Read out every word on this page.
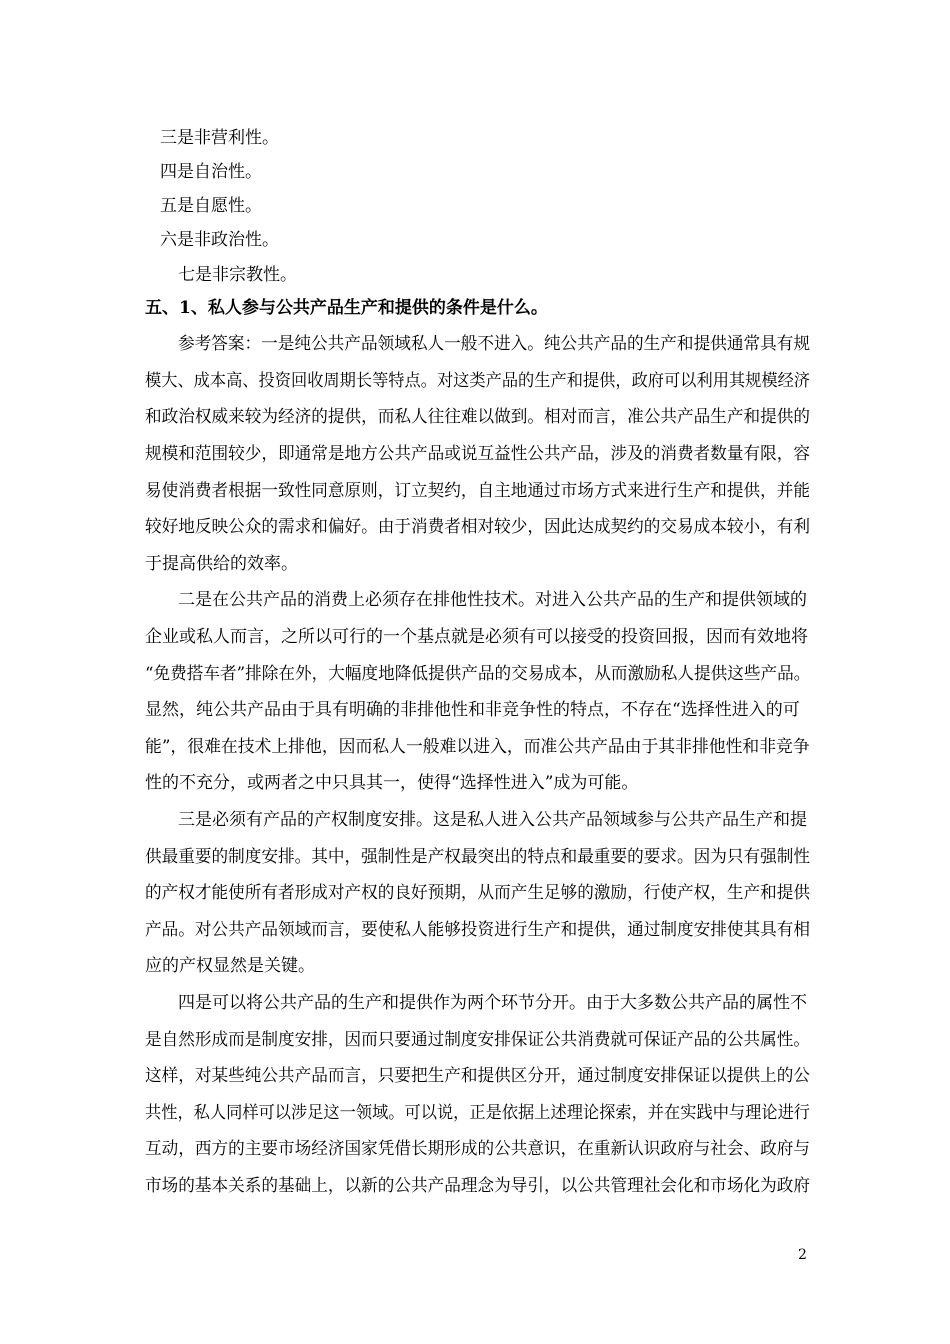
三是非营利性。
四是自治性。
五是自愿性。
六是非政治性。
七是非宗教性。
五、1、私人参与公共产品生产和提供的条件是什么。
参考答案：一是纯公共产品领域私人一般不进入。纯公共产品的生产和提供通常具有规
模大、成本高、投资回收周期长等特点。对这类产品的生产和提供，政府可以利用其规模经济
和政治权威来较为经济的提供，而私人往往难以做到。相对而言，准公共产品生产和提供的
规模和范围较少，即通常是地方公共产品或说互益性公共产品，涉及的消费者数量有限，容
易使消费者根据一致性同意原则，订立契约，自主地通过市场方式来进行生产和提供，并能
较好地反映公众的需求和偏好。由于消费者相对较少，因此达成契约的交易成本较小，有利
于提高供给的效率。
二是在公共产品的消费上必须存在排他性技术。对进入公共产品的生产和提供领域的
企业或私人而言，之所以可行的一个基点就是必须有可以接受的投资回报，因而有效地将
“免费搭车者”排除在外，大幅度地降低提供产品的交易成本，从而激励私人提供这些产品。
显然，纯公共产品由于具有明确的非排他性和非竞争性的特点，不存在“选择性进入的可
能”，很难在技术上排他，因而私人一般难以进入，而准公共产品由于其非排他性和非竞争
性的不充分，或两者之中只具其一，使得“选择性进入”成为可能。
三是必须有产品的产权制度安排。这是私人进入公共产品领域参与公共产品生产和提
供最重要的制度安排。其中，强制性是产权最突出的特点和最重要的要求。因为只有强制性
的产权才能使所有者形成对产权的良好预期，从而产生足够的激励，行使产权，生产和提供
产品。对公共产品领域而言，要使私人能够投资进行生产和提供，通过制度安排使其具有相
应的产权显然是关键。
四是可以将公共产品的生产和提供作为两个环节分开。由于大多数公共产品的属性不
是自然形成而是制度安排，因而只要通过制度安排保证公共消费就可保证产品的公共属性。
这样，对某些纯公共产品而言，只要把生产和提供区分开，通过制度安排保证以提供上的公
共性，私人同样可以涉足这一领域。可以说，正是依据上述理论探索，并在实践中与理论进行
互动，西方的主要市场经济国家凭借长期形成的公共意识，在重新认识政府与社会、政府与
市场的基本关系的基础上，以新的公共产品理念为导引，以公共管理社会化和市场化为政府
2
